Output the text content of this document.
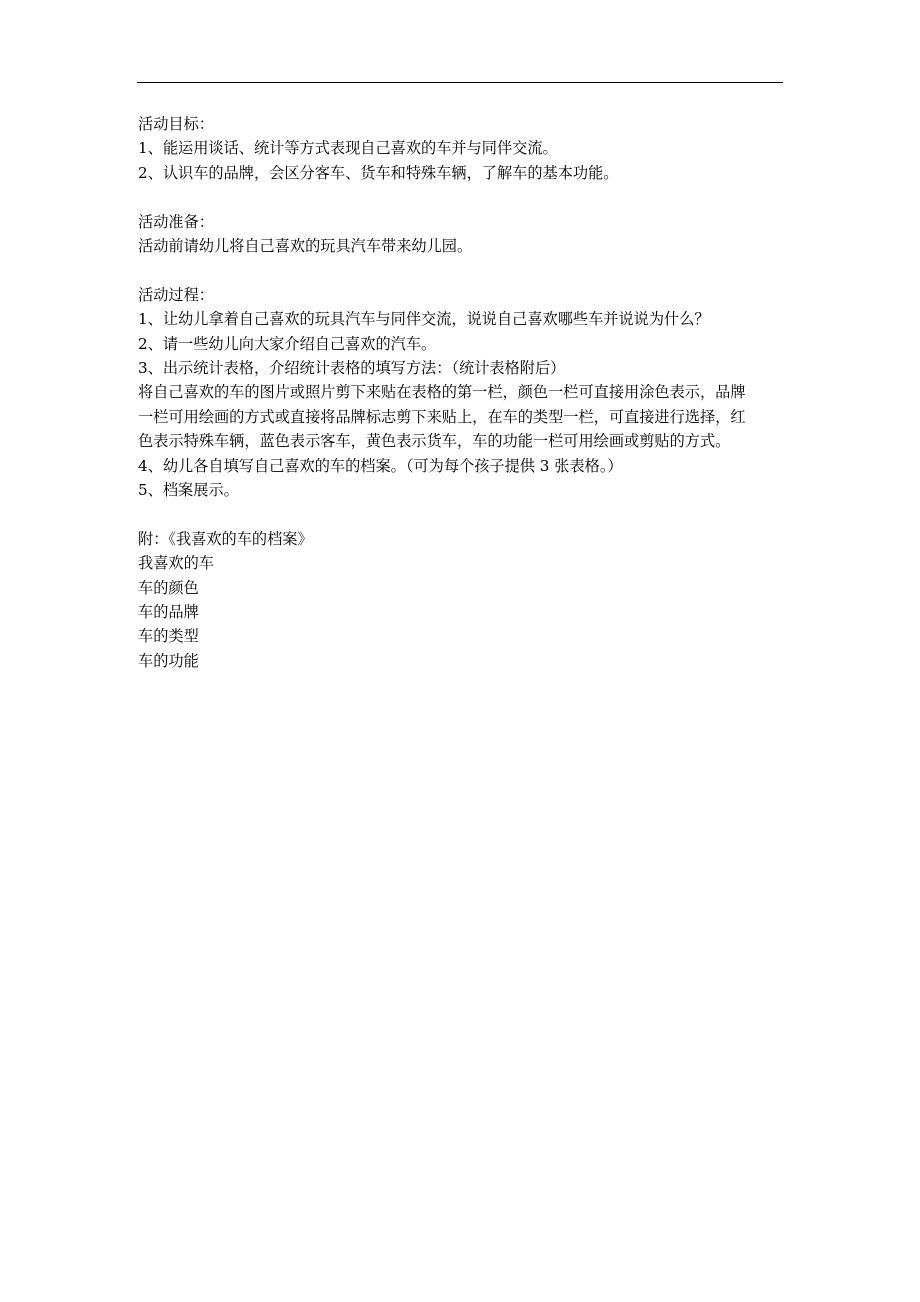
活动目标：
1、能运用谈话、统计等方式表现自己喜欢的车并与同伴交流。
2、认识车的品牌，会区分客车、货车和特殊车辆，了解车的基本功能。
活动准备：
活动前请幼儿将自己喜欢的玩具汽车带来幼儿园。
活动过程：
1、让幼儿拿着自己喜欢的玩具汽车与同伴交流，说说自己喜欢哪些车并说说为什么？
2、请一些幼儿向大家介绍自己喜欢的汽车。
3、出示统计表格，介绍统计表格的填写方法：（统计表格附后）
将自己喜欢的车的图片或照片剪下来贴在表格的第一栏，颜色一栏可直接用涂色表示，品牌
一栏可用绘画的方式或直接将品牌标志剪下来贴上，在车的类型一栏，可直接进行选择，红
色表示特殊车辆，蓝色表示客车，黄色表示货车，车的功能一栏可用绘画或剪贴的方式。
4、幼儿各自填写自己喜欢的车的档案。（可为每个孩子提供 3 张表格。）
5、档案展示。
附：《我喜欢的车的档案》
我喜欢的车
车的颜色
车的品牌
车的类型
车的功能
